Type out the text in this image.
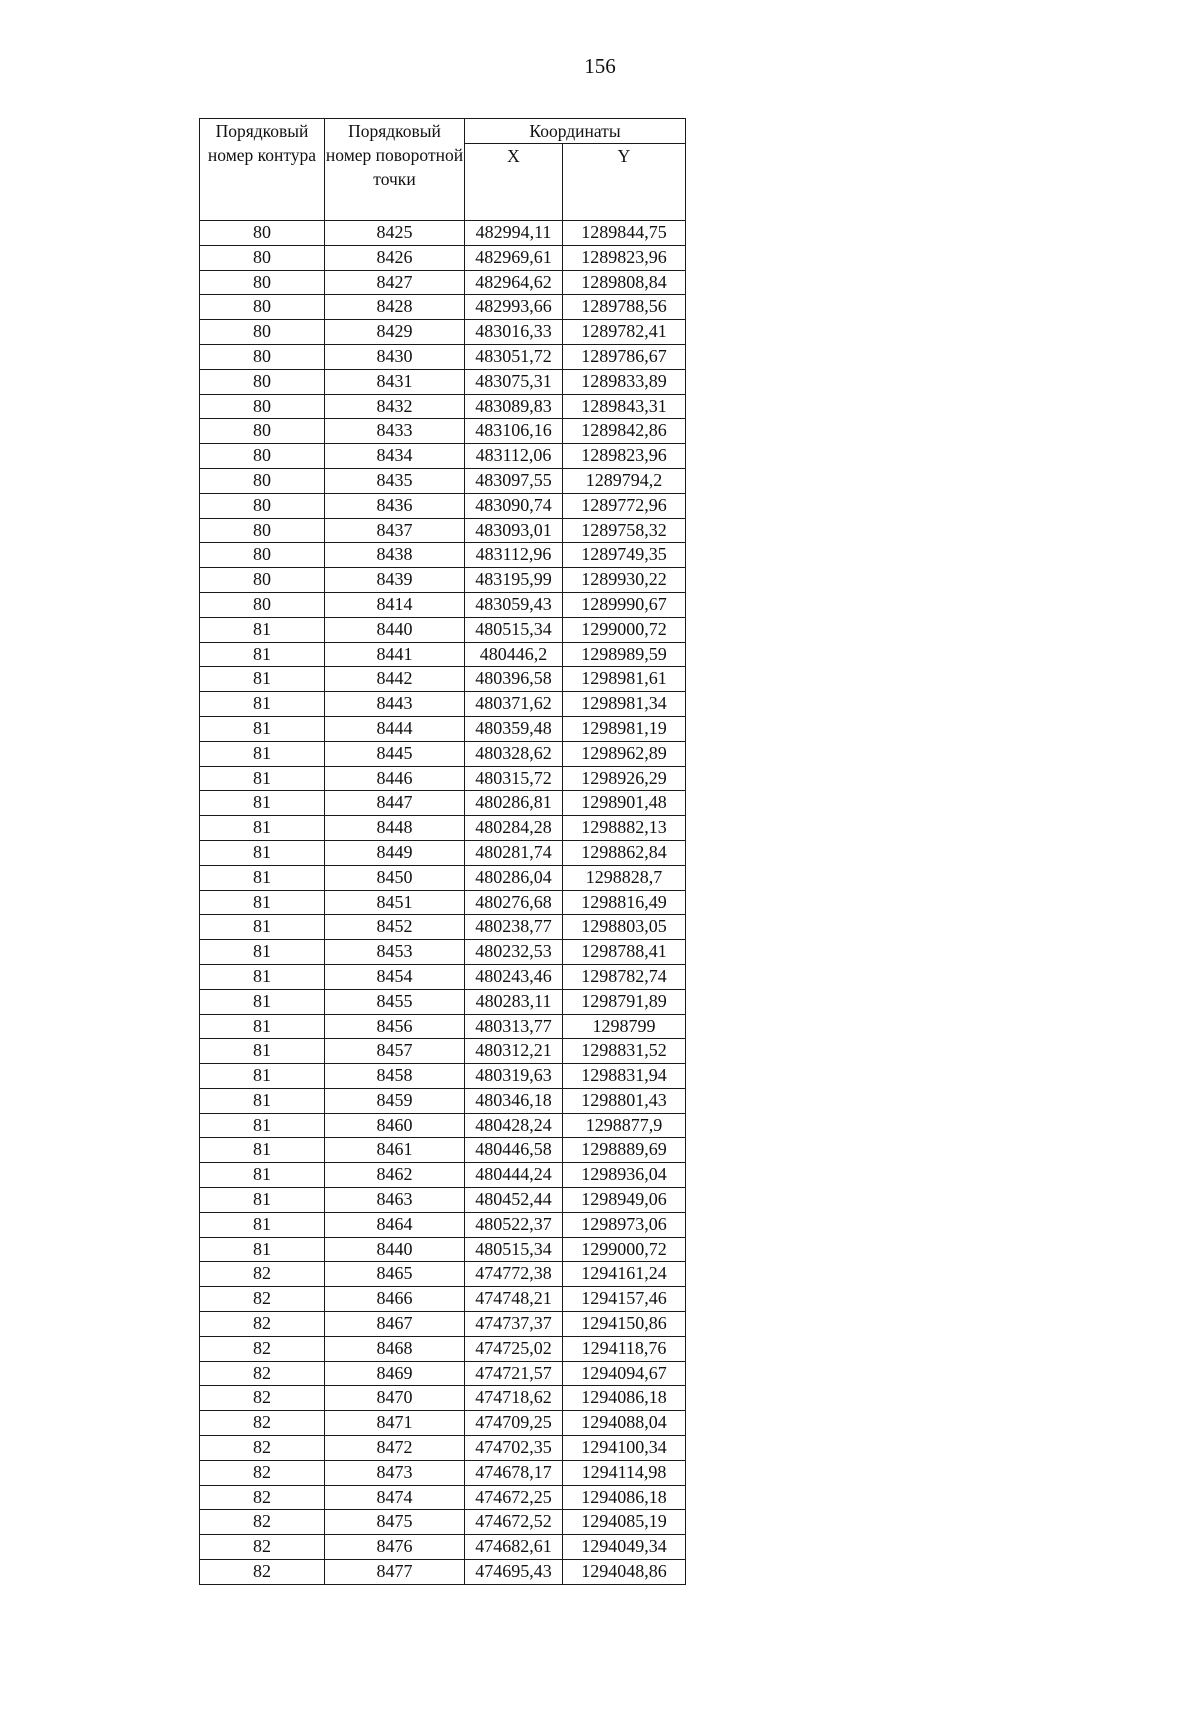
156
Порядковый номер контура	Порядковый номер поворотной точки	Координаты	
		X	Y
80	8425	482994,11	1289844,75
80	8426	482969,61	1289823,96
80	8427	482964,62	1289808,84
80	8428	482993,66	1289788,56
80	8429	483016,33	1289782,41
80	8430	483051,72	1289786,67
80	8431	483075,31	1289833,89
80	8432	483089,83	1289843,31
80	8433	483106,16	1289842,86
80	8434	483112,06	1289823,96
80	8435	483097,55	1289794,2
80	8436	483090,74	1289772,96
80	8437	483093,01	1289758,32
80	8438	483112,96	1289749,35
80	8439	483195,99	1289930,22
80	8414	483059,43	1289990,67
81	8440	480515,34	1299000,72
81	8441	480446,2	1298989,59
81	8442	480396,58	1298981,61
81	8443	480371,62	1298981,34
81	8444	480359,48	1298981,19
81	8445	480328,62	1298962,89
81	8446	480315,72	1298926,29
81	8447	480286,81	1298901,48
81	8448	480284,28	1298882,13
81	8449	480281,74	1298862,84
81	8450	480286,04	1298828,7
81	8451	480276,68	1298816,49
81	8452	480238,77	1298803,05
81	8453	480232,53	1298788,41
81	8454	480243,46	1298782,74
81	8455	480283,11	1298791,89
81	8456	480313,77	1298799
81	8457	480312,21	1298831,52
81	8458	480319,63	1298831,94
81	8459	480346,18	1298801,43
81	8460	480428,24	1298877,9
81	8461	480446,58	1298889,69
81	8462	480444,24	1298936,04
81	8463	480452,44	1298949,06
81	8464	480522,37	1298973,06
81	8440	480515,34	1299000,72
82	8465	474772,38	1294161,24
82	8466	474748,21	1294157,46
82	8467	474737,37	1294150,86
82	8468	474725,02	1294118,76
82	8469	474721,57	1294094,67
82	8470	474718,62	1294086,18
82	8471	474709,25	1294088,04
82	8472	474702,35	1294100,34
82	8473	474678,17	1294114,98
82	8474	474672,25	1294086,18
82	8475	474672,52	1294085,19
82	8476	474682,61	1294049,34
82	8477	474695,43	1294048,86
